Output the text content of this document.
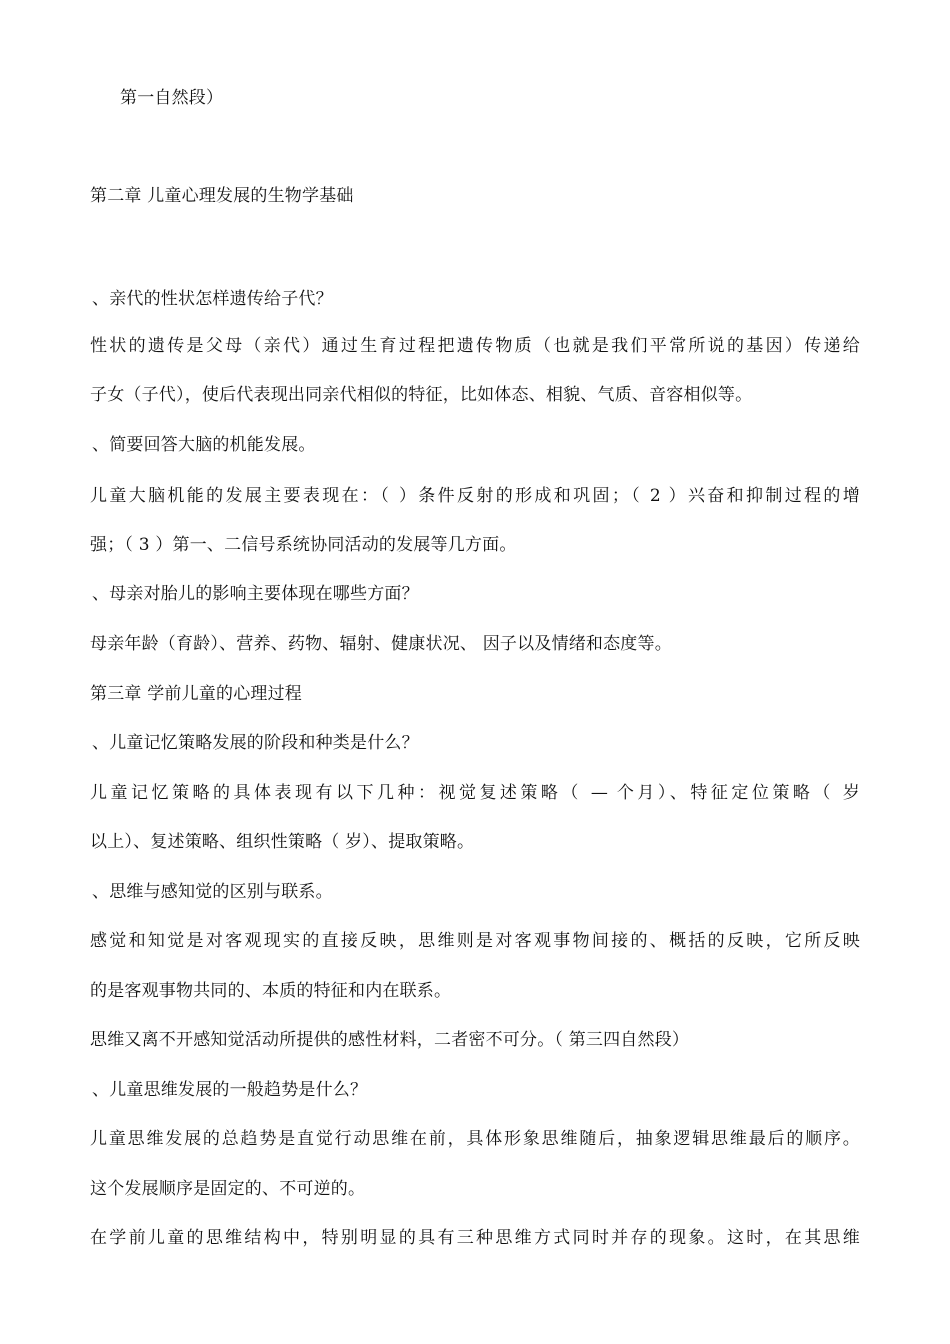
第一自然段）
第二章 儿童心理发展的生物学基础
、亲代的性状怎样遗传给子代？
性状的遗传是父母（亲代）通过生育过程把遗传物质（也就是我们平常所说的基因）传递给
子女（子代），使后代表现出同亲代相似的特征，比如体态、相貌、气质、音容相似等。
、简要回答大脑的机能发展。
儿童大脑机能的发展主要表现在：（ ）条件反射的形成和巩固；（ 2 ）兴奋和抑制过程的增
强；（ 3 ）第一、二信号系统协同活动的发展等几方面。
、母亲对胎儿的影响主要体现在哪些方面？
母亲年龄（育龄）、营养、药物、辐射、健康状况、 因子以及情绪和态度等。
第三章 学前儿童的心理过程
、儿童记忆策略发展的阶段和种类是什么？
儿童记忆策略的具体表现有以下几种：视觉复述策略（ — 个月）、特征定位策略（ 岁
以上）、复述策略、组织性策略（ 岁）、提取策略。
、思维与感知觉的区别与联系。
感觉和知觉是对客观现实的直接反映，思维则是对客观事物间接的、概括的反映，它所反映
的是客观事物共同的、本质的特征和内在联系。
思维又离不开感知觉活动所提供的感性材料，二者密不可分。（ 第三四自然段）
、儿童思维发展的一般趋势是什么？
儿童思维发展的总趋势是直觉行动思维在前，具体形象思维随后，抽象逻辑思维最后的顺序。
这个发展顺序是固定的、不可逆的。
在学前儿童的思维结构中，特别明显的具有三种思维方式同时并存的现象。这时，在其思维
